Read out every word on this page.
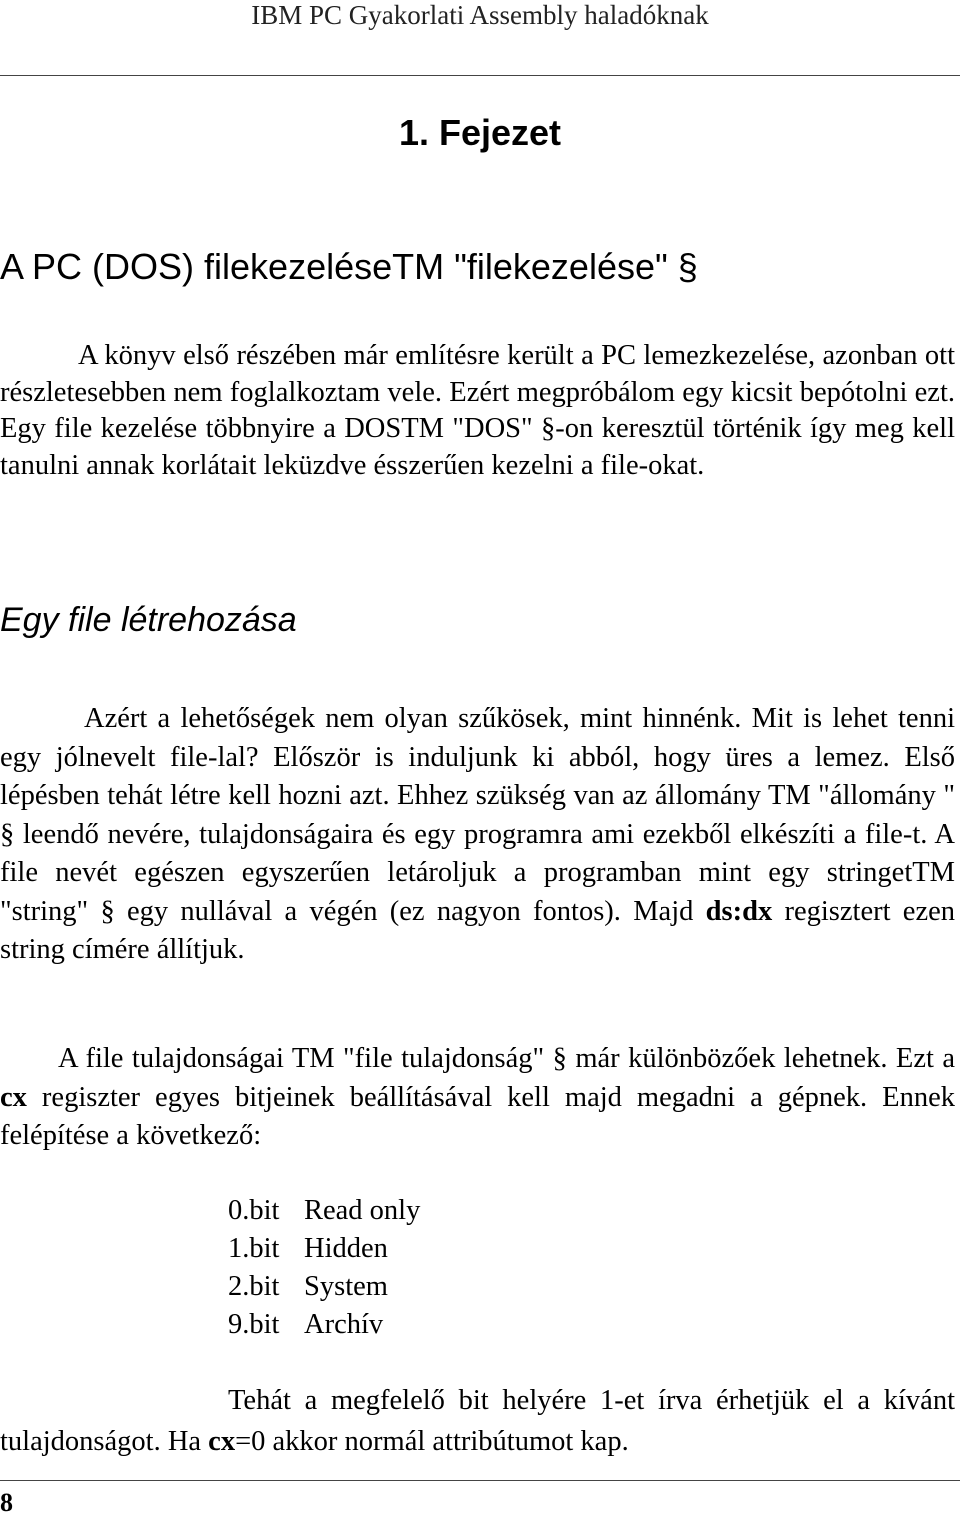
IBM PC Gyakorlati Assembly haladóknak
1. Fejezet
A PC (DOS) filekezeléseTM "filekezelése" §

A könyv első részében már említésre került a PC lemezkezelése, azonban ott részletesebben nem foglalkoztam vele. Ezért megpróbálom egy kicsit bepótolni ezt. Egy file kezelése többnyire a DOSTM "DOS" §-on keresztül történik így meg kell tanulni annak korlátait leküzdve ésszerűen kezelni a file-okat.

Egy file létrehozása

Azért a lehetőségek nem olyan szűkösek, mint hinnénk. Mit is lehet tenni egy jólnevelt file-lal? Először is induljunk ki abból, hogy üres a lemez. Első lépésben tehát létre kell hozni azt. Ehhez szükség van az állomány TM "állomány " § leendő nevére, tulajdonságaira és egy programra ami ezekből elkészíti a file-t. A file nevét egészen egyszerűen letároljuk a programban mint egy stringetTM "string" § egy nullával a végén (ez nagyon fontos). Majd ds:dx regisztert ezen string címére állítjuk.

A file tulajdonságai TM "file tulajdonság" § már különbözőek lehetnek. Ezt a cx regiszter egyes bitjeinek beállításával kell majd megadni a gépnek. Ennek felépítése a következő:

0.bit Read only
1.bit Hidden
2.bit System
9.bit Archív

Tehát a megfelelő bit helyére 1-et írva érhetjük el a kívánt tulajdonságot. Ha cx=0 akkor normál attribútumot kap.

8
